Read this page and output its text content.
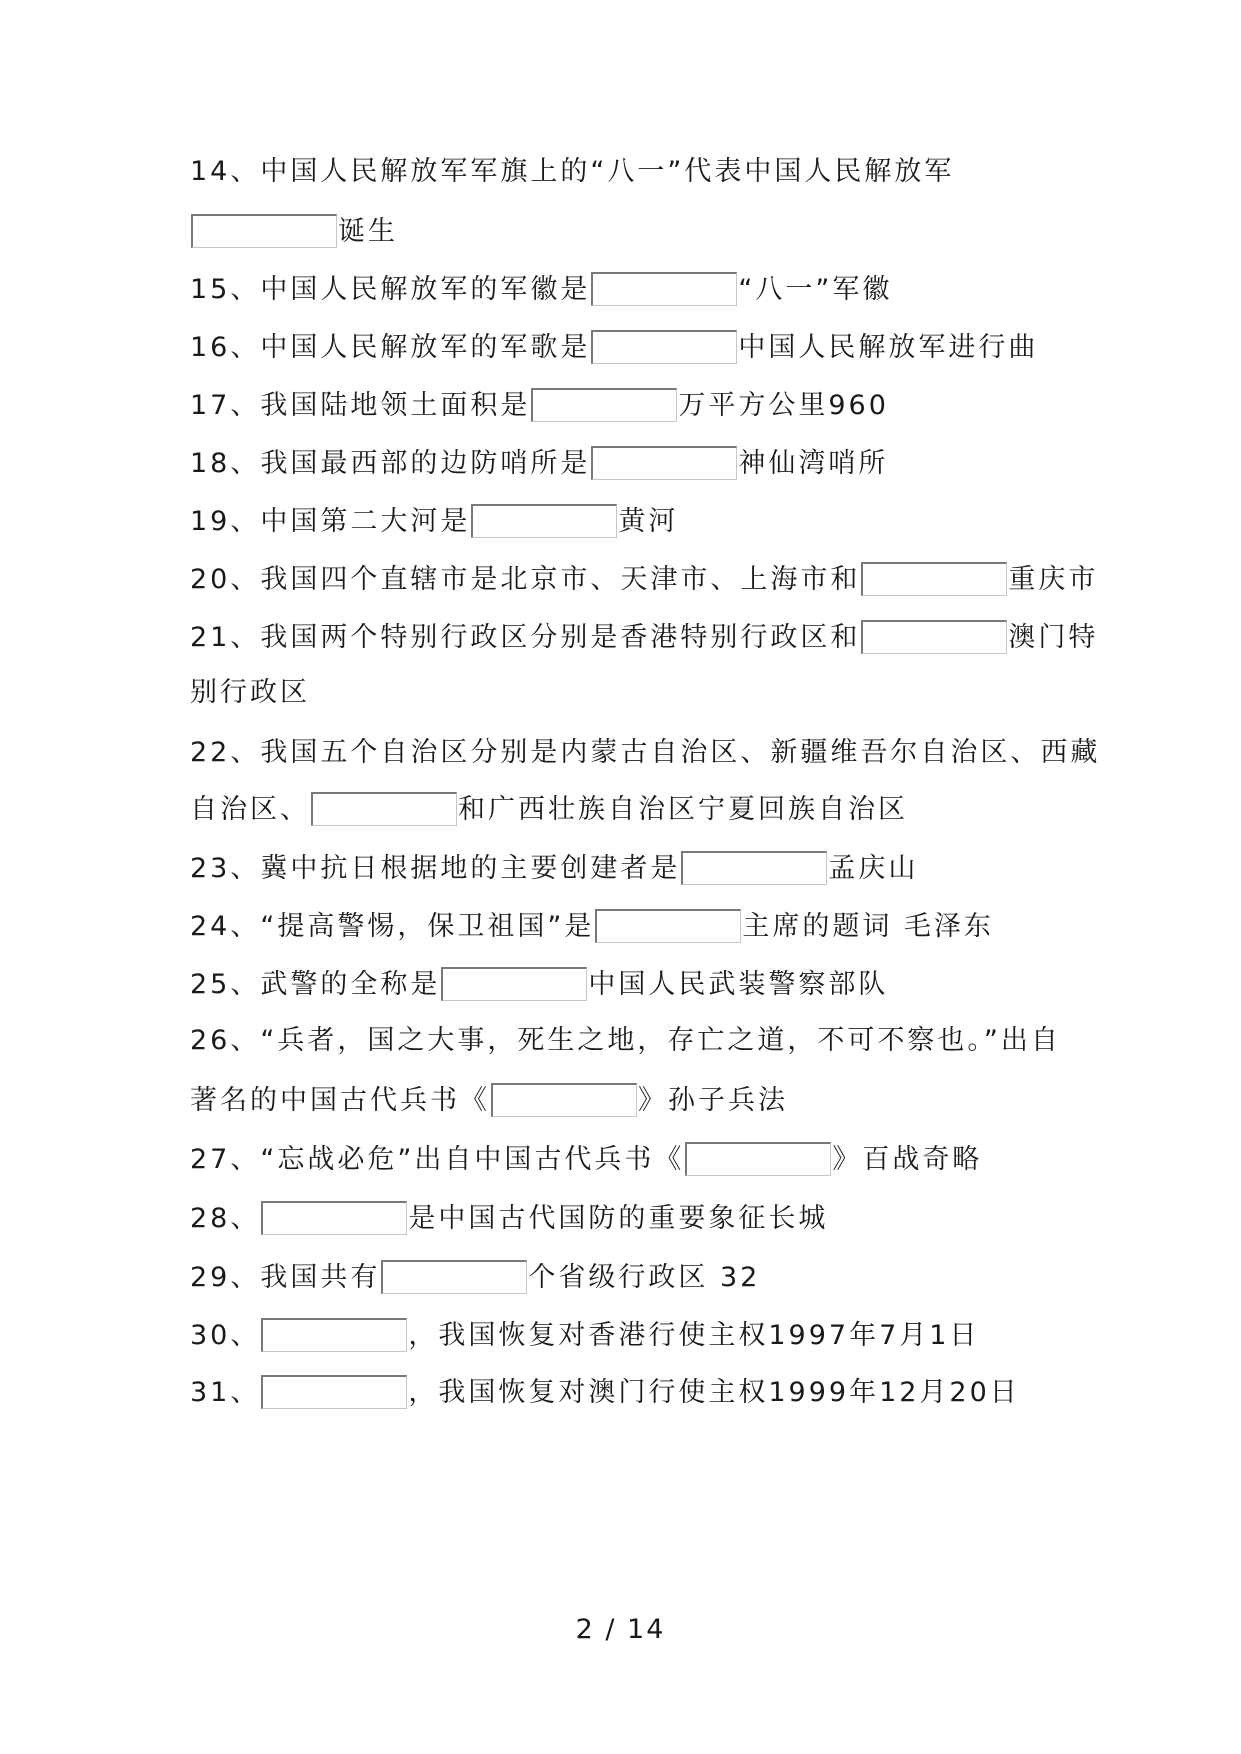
14、中国人民解放军军旗上的“八一”代表中国人民解放军
诞生
15、中国人民解放军的军徽是	“八一”军徽
16、中国人民解放军的军歌是	中国人民解放军进行曲
17、我国陆地领土面积是	万平方公里960
18、我国最西部的边防哨所是	神仙湾哨所
19、中国第二大河是	黄河
20、我国四个直辖市是北京市、天津市、上海市和	重庆市
21、我国两个特别行政区分别是香港特别行政区和	澳门特
别行政区
22、我国五个自治区分别是内蒙古自治区、新疆维吾尔自治区、西藏
自治区、	和广西壮族自治区宁夏回族自治区
23、冀中抗日根据地的主要创建者是	孟庆山
24、“提高警惕，保卫祖国”是	主席的题词 毛泽东
25、武警的全称是	中国人民武装警察部队
26、“兵者，国之大事，死生之地，存亡之道，不可不察也。”出自
著名的中国古代兵书《	》孙子兵法
27、“忘战必危”出自中国古代兵书《	》百战奇略
28、	是中国古代国防的重要象征长城
29、我国共有	个省级行政区 32
30、	，我国恢复对香港行使主权1997年7月1日
31、	，我国恢复对澳门行使主权1999年12月20日
2 / 14
